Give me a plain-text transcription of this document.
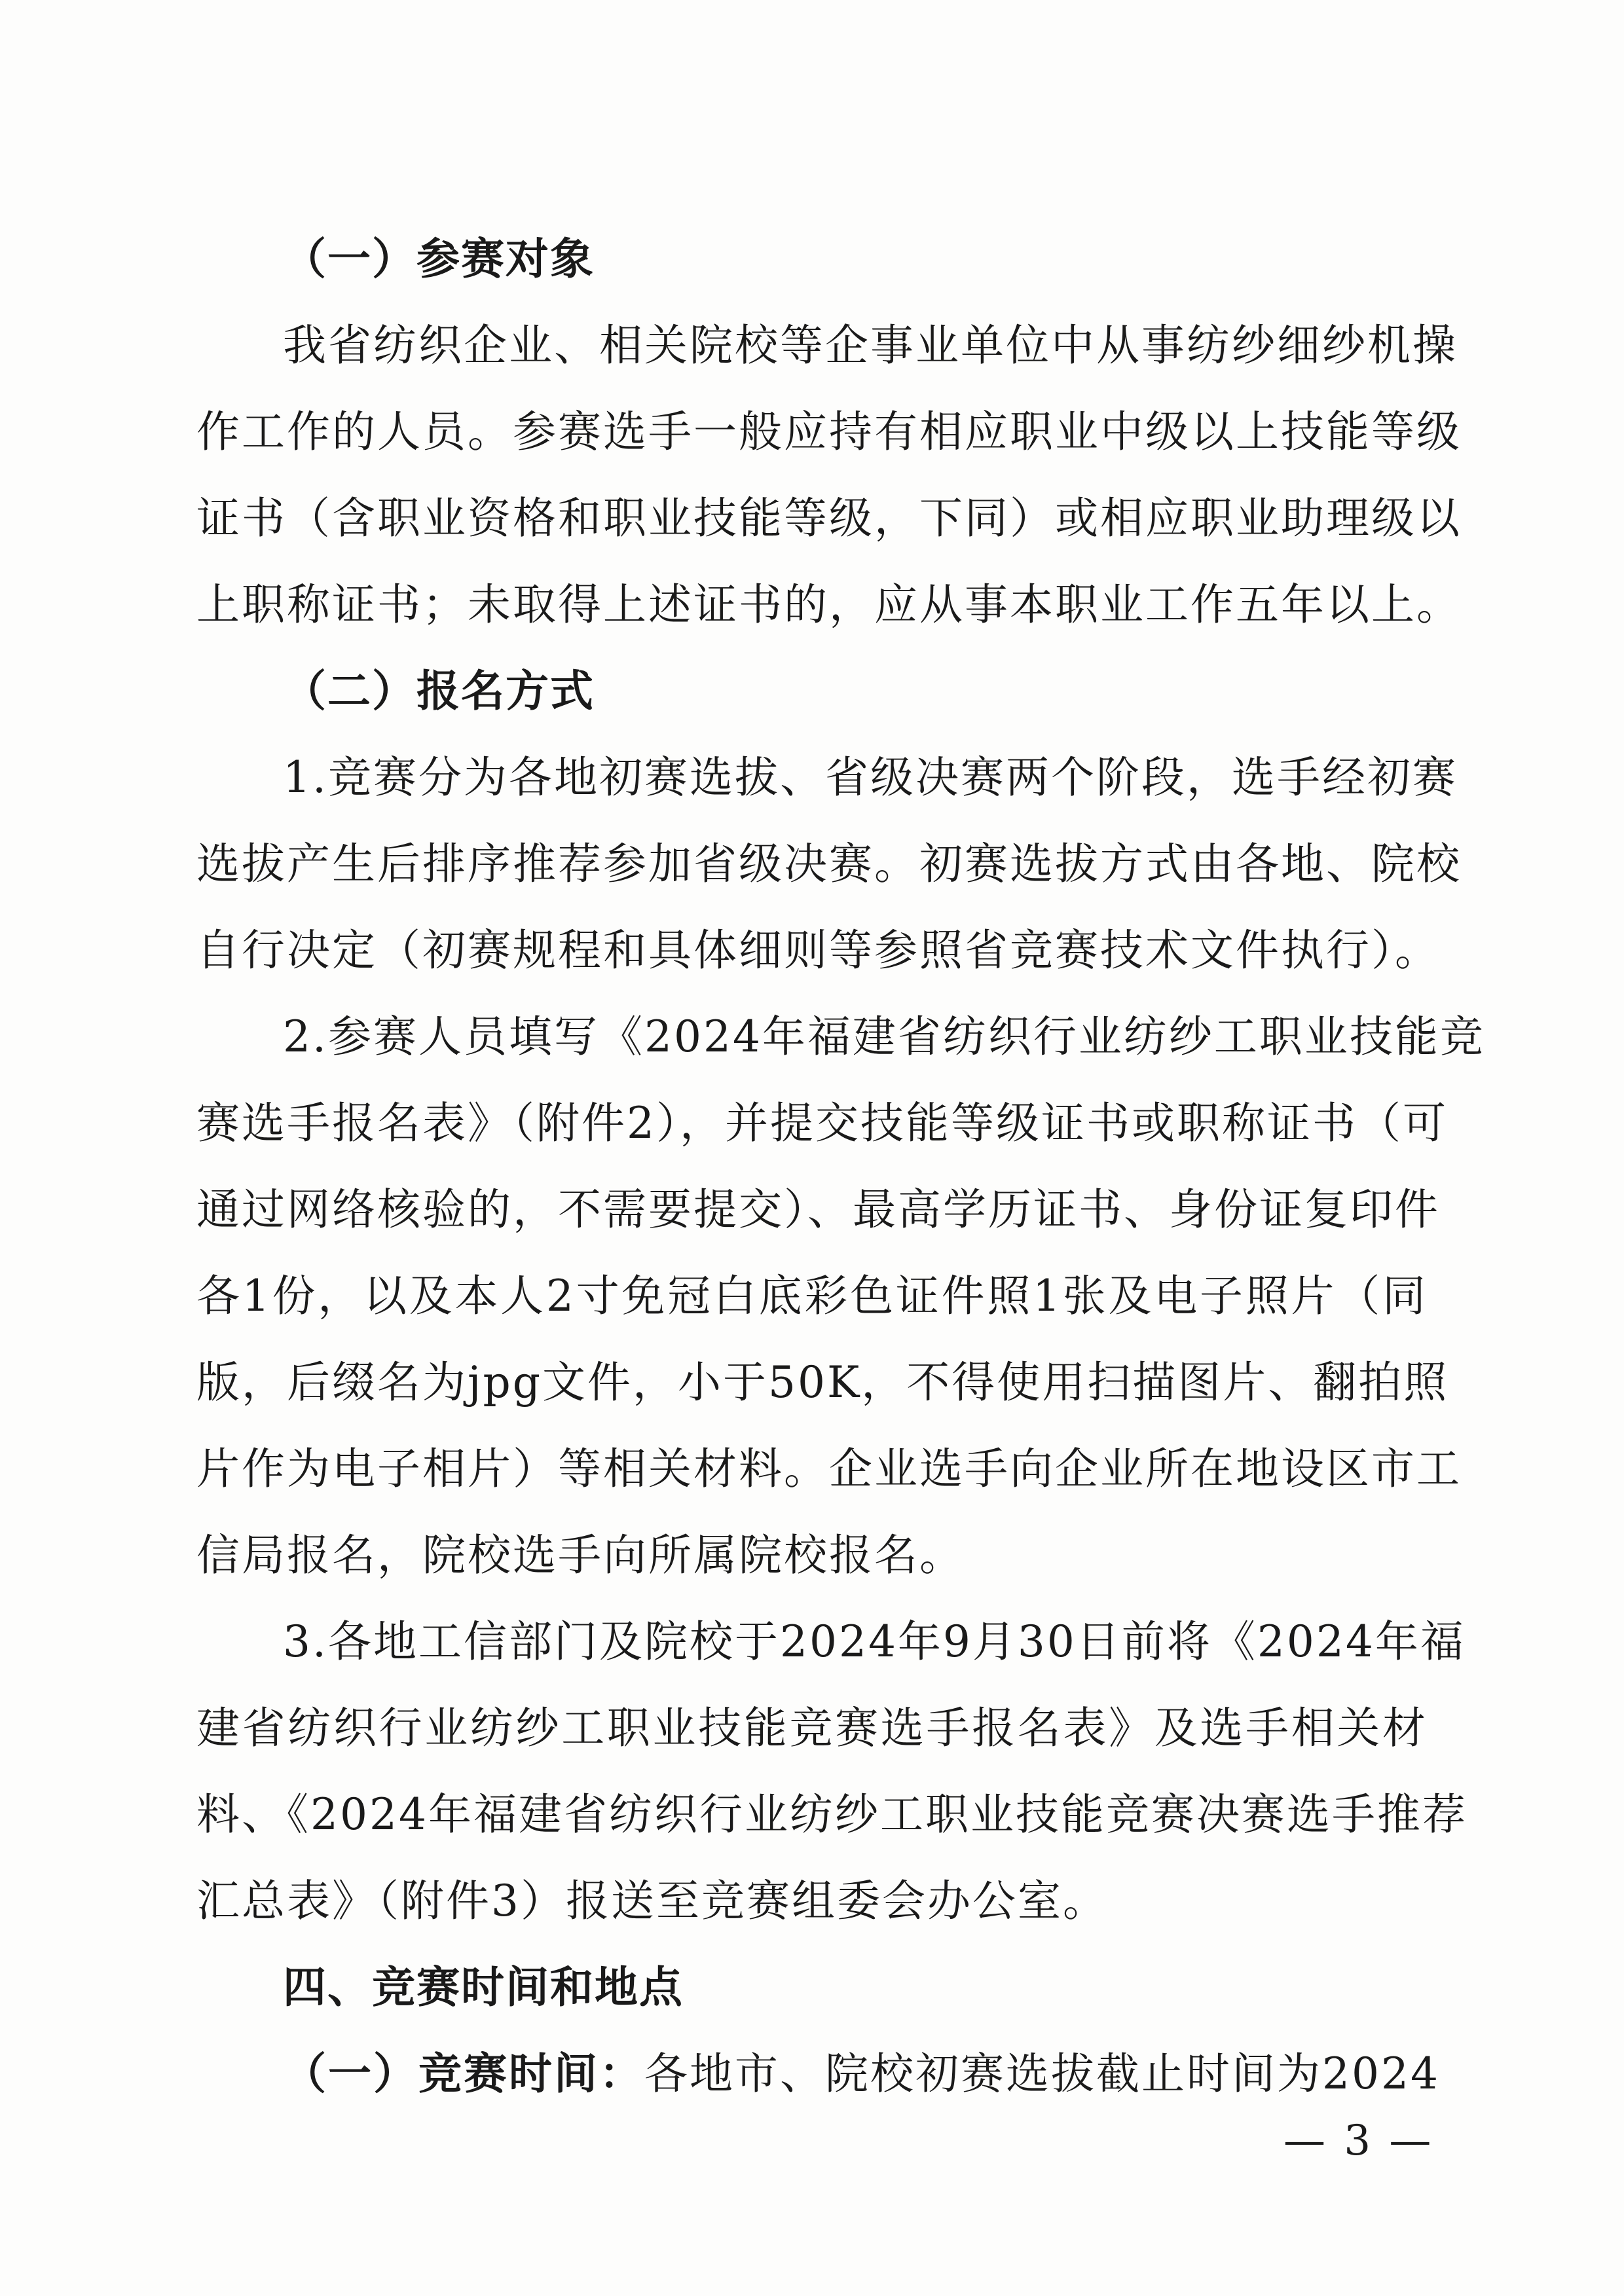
（一）参赛对象
我省纺织企业、相关院校等企事业单位中从事纺纱细纱机操
作工作的人员。参赛选手一般应持有相应职业中级以上技能等级
证书（含职业资格和职业技能等级，下同）或相应职业助理级以
上职称证书；未取得上述证书的，应从事本职业工作五年以上。
（二）报名方式
1.竞赛分为各地初赛选拔、省级决赛两个阶段，选手经初赛
选拔产生后排序推荐参加省级决赛。初赛选拔方式由各地、院校
自行决定（初赛规程和具体细则等参照省竞赛技术文件执行）。
2.参赛人员填写《2024年福建省纺织行业纺纱工职业技能竞
赛选手报名表》（附件2），并提交技能等级证书或职称证书（可
通过网络核验的，不需要提交）、最高学历证书、身份证复印件
各1份，以及本人2寸免冠白底彩色证件照1张及电子照片（同
版，后缀名为jpg文件，小于50K，不得使用扫描图片、翻拍照
片作为电子相片）等相关材料。企业选手向企业所在地设区市工
信局报名，院校选手向所属院校报名。
3.各地工信部门及院校于2024年9月30日前将《2024年福
建省纺织行业纺纱工职业技能竞赛选手报名表》及选手相关材
料、《2024年福建省纺织行业纺纱工职业技能竞赛决赛选手推荐
汇总表》（附件3）报送至竞赛组委会办公室。
四、竞赛时间和地点
（一）竞赛时间：各地市、院校初赛选拔截止时间为2024
— 3 —
